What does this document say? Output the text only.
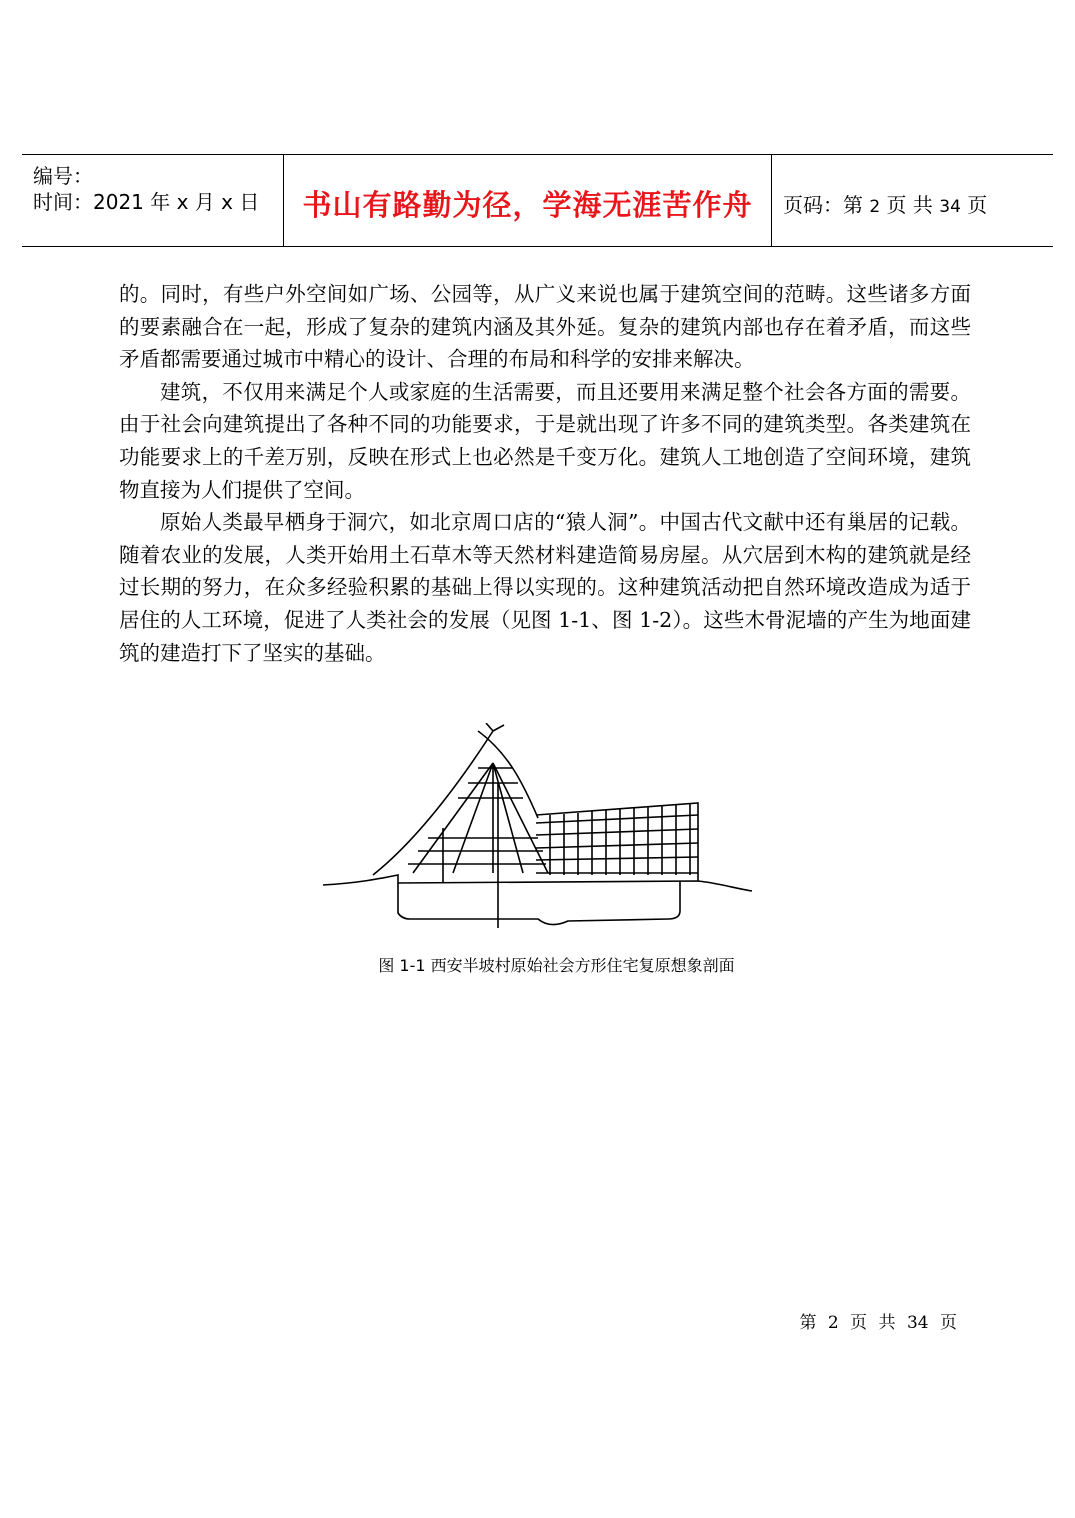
编号：
时间：2021 年 x 月 x 日	书山有路勤为径，学海无涯苦作舟	页码：第 2 页 共 34 页

的。同时，有些户外空间如广场、公园等，从广义来说也属于建筑空间的范畴。这些诸多方面的要素融合在一起，形成了复杂的建筑内涵及其外延。复杂的建筑内部也存在着矛盾，而这些矛盾都需要通过城市中精心的设计、合理的布局和科学的安排来解决。

建筑，不仅用来满足个人或家庭的生活需要，而且还要用来满足整个社会各方面的需要。由于社会向建筑提出了各种不同的功能要求，于是就出现了许多不同的建筑类型。各类建筑在功能要求上的千差万别，反映在形式上也必然是千变万化。建筑人工地创造了空间环境，建筑物直接为人们提供了空间。

原始人类最早栖身于洞穴，如北京周口店的“猿人洞”。中国古代文献中还有巢居的记载。随着农业的发展，人类开始用土石草木等天然材料建造简易房屋。从穴居到木构的建筑就是经过长期的努力，在众多经验积累的基础上得以实现的。这种建筑活动把自然环境改造成为适于居住的人工环境，促进了人类社会的发展（见图 1-1、图 1-2）。这些木骨泥墙的产生为地面建筑的建造打下了坚实的基础。

图 1-1 西安半坡村原始社会方形住宅复原想象剖面
第 2 页 共 34 页
